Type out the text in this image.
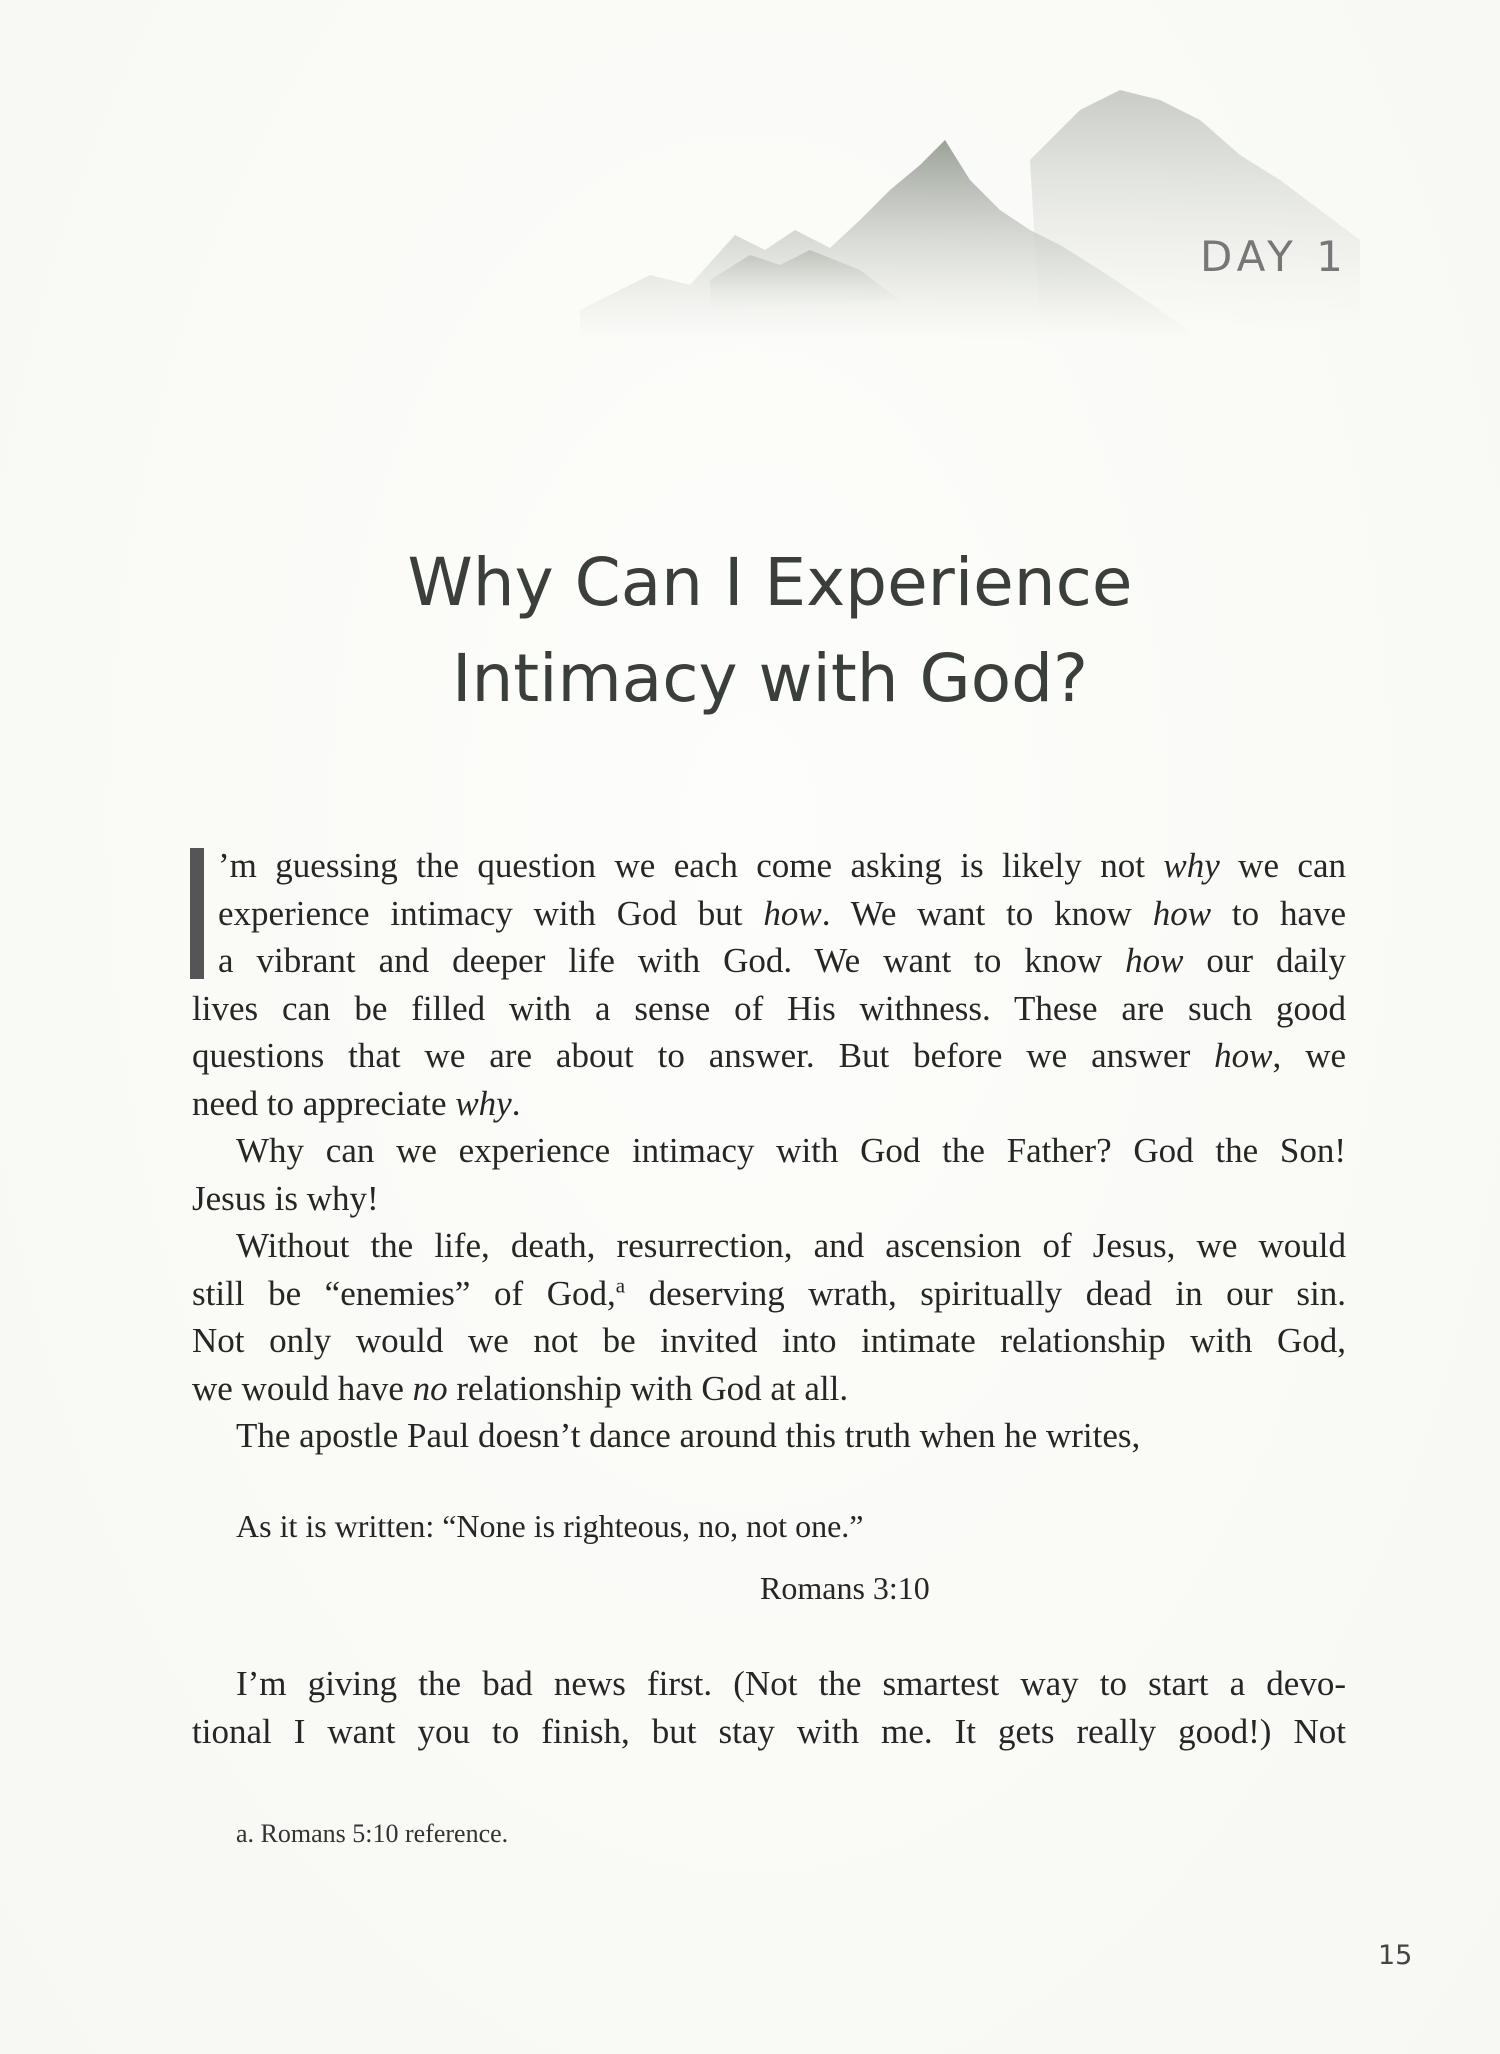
DAY 1
Why Can I Experience
Intimacy with God?
’m guessing the question we each come asking is likely not why we can
experience intimacy with God but how. We want to know how to have
a vibrant and deeper life with God. We want to know how our daily
lives can be filled with a sense of His withness. These are such good
questions that we are about to answer. But before we answer how, we
need to appreciate why.
Why can we experience intimacy with God the Father? God the Son!
Jesus is why!
Without the life, death, resurrection, and ascension of Jesus, we would
still be “enemies” of God,$^a$ deserving wrath, spiritually dead in our sin.
Not only would we not be invited into intimate relationship with God,
we would have no relationship with God at all.
The apostle Paul doesn’t dance around this truth when he writes,
As it is written: “None is righteous, no, not one.”
Romans 3:10
I’m giving the bad news first. (Not the smartest way to start a devo-
tional I want you to finish, but stay with me. It gets really good!) Not
a. Romans 5:10 reference.
15
